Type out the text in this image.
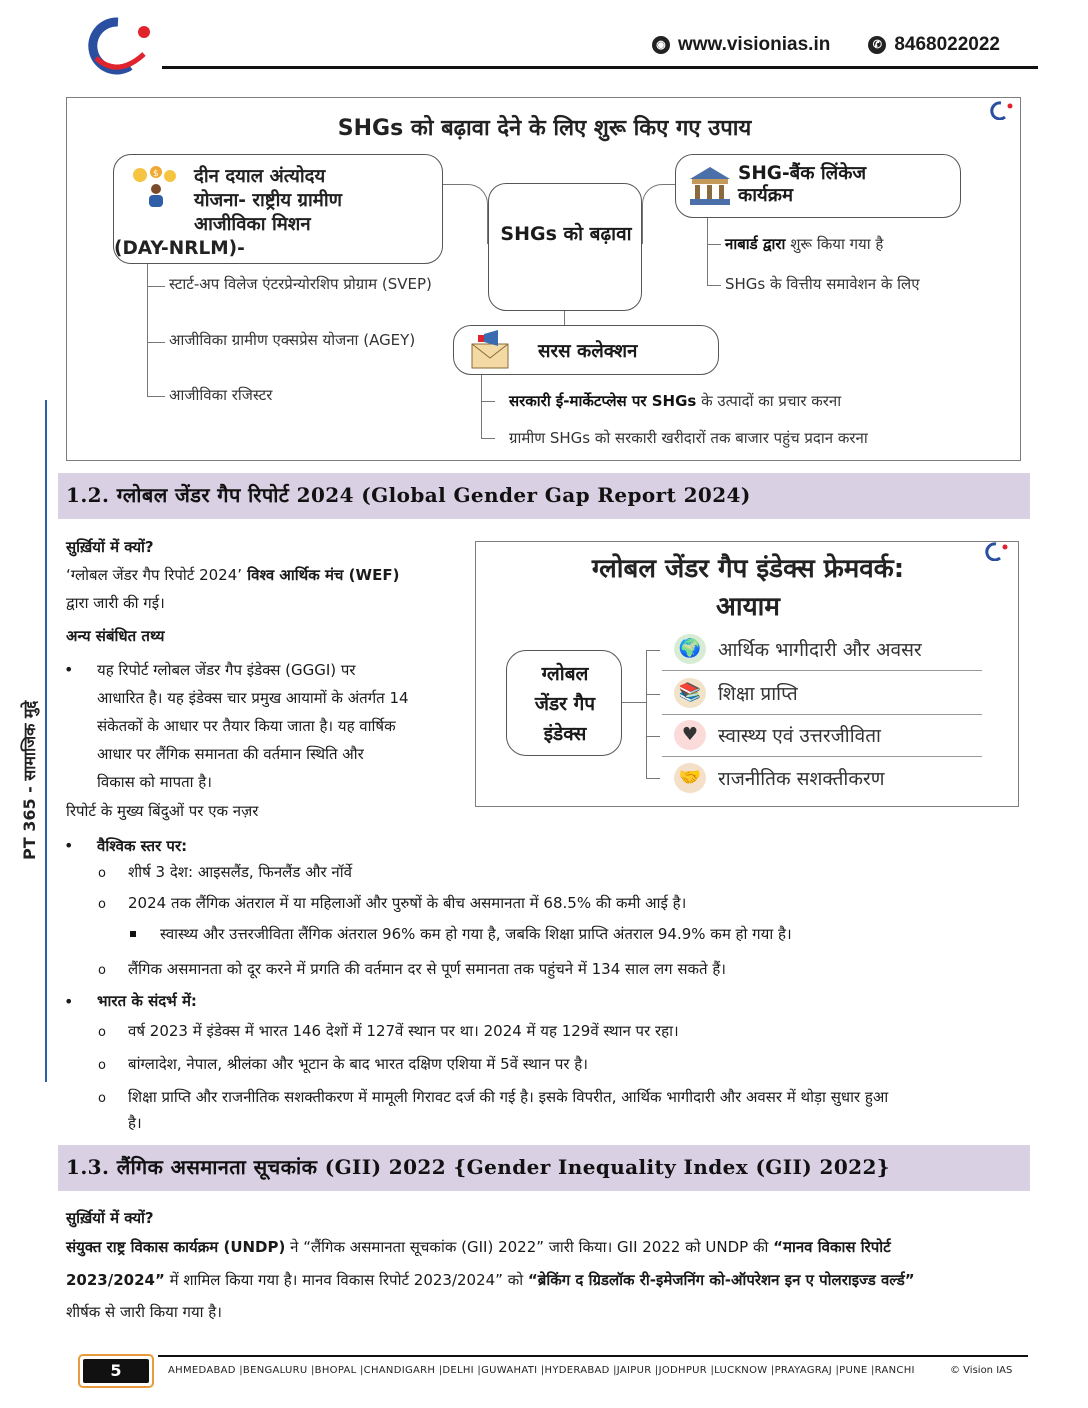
◉ www.visionias.in	✆ 8468022022
PT 365 - सामाजिक मुद्दे
SHGs को बढ़ावा देने के लिए शुरू किए गए उपाय
$ दीन दयाल अंत्योदय
योजना- राष्ट्रीय ग्रामीण
आजीविका मिशन
(DAY-NRLM)-
स्टार्ट-अप विलेज एंटरप्रेन्योरशिप प्रोग्राम (SVEP)
आजीविका ग्रामीण एक्सप्रेस योजना (AGEY)
आजीविका रजिस्टर
SHGs को बढ़ावा
SHG-बैंक लिंकेज
कार्यक्रम
नाबार्ड द्वारा शुरू किया गया है
SHGs के वित्तीय समावेशन के लिए
सरस कलेक्शन
सरकारी ई-मार्केटप्लेस पर SHGs के उत्पादों का प्रचार करना
ग्रामीण SHGs को सरकारी खरीदारों तक बाजार पहुंच प्रदान करना
1.2. ग्लोबल जेंडर गैप रिपोर्ट 2024 (Global Gender Gap Report 2024)
सुर्ख़ियों में क्यों?
‘ग्लोबल जेंडर गैप रिपोर्ट 2024’ विश्व आर्थिक मंच (WEF)
द्वारा जारी की गई।
अन्य संबंधित तथ्य
• यह रिपोर्ट ग्लोबल जेंडर गैप इंडेक्स (GGGI) पर
आधारित है। यह इंडेक्स चार प्रमुख आयामों के अंतर्गत 14
संकेतकों के आधार पर तैयार किया जाता है। यह वार्षिक
आधार पर लैंगिक समानता की वर्तमान स्थिति और
विकास को मापता है।
रिपोर्ट के मुख्य बिंदुओं पर एक नज़र
• वैश्विक स्तर पर:
o शीर्ष 3 देश: आइसलैंड, फिनलैंड और नॉर्वे
o 2024 तक लैंगिक अंतराल में या महिलाओं और पुरुषों के बीच असमानता में 68.5% की कमी आई है।
स्वास्थ्य और उत्तरजीविता लैंगिक अंतराल 96% कम हो गया है, जबकि शिक्षा प्राप्ति अंतराल 94.9% कम हो गया है।
o लैंगिक असमानता को दूर करने में प्रगति की वर्तमान दर से पूर्ण समानता तक पहुंचने में 134 साल लग सकते हैं।
• भारत के संदर्भ में:
o वर्ष 2023 में इंडेक्स में भारत 146 देशों में 127वें स्थान पर था। 2024 में यह 129वें स्थान पर रहा।
o बांग्लादेश, नेपाल, श्रीलंका और भूटान के बाद भारत दक्षिण एशिया में 5वें स्थान पर है।
o शिक्षा प्राप्ति और राजनीतिक सशक्तीकरण में मामूली गिरावट दर्ज की गई है। इसके विपरीत, आर्थिक भागीदारी और अवसर में थोड़ा सुधार हुआ
है।
ग्लोबल जेंडर गैप इंडेक्स फ्रेमवर्क:
आयाम
ग्लोबल
जेंडर गैप
इंडेक्स
🌍 आर्थिक भागीदारी और अवसर
📚 शिक्षा प्राप्ति
♥	स्वास्थ्य एवं उत्तरजीविता
🤝 राजनीतिक सशक्तीकरण
1.3. लैंगिक असमानता सूचकांक (GII) 2022 {Gender Inequality Index (GII) 2022}
सुर्ख़ियों में क्यों?
संयुक्त राष्ट्र विकास कार्यक्रम (UNDP) ने “लैंगिक असमानता सूचकांक (GII) 2022” जारी किया। GII 2022 को UNDP की “मानव विकास रिपोर्ट
2023/2024” में शामिल किया गया है। मानव विकास रिपोर्ट 2023/2024” को “ब्रेकिंग द ग्रिडलॉक री-इमेजनिंग को-ऑपरेशन इन ए पोलराइज्ड वर्ल्ड”
शीर्षक से जारी किया गया है।
5	AHMEDABAD |BENGALURU |BHOPAL |CHANDIGARH |DELHI |GUWAHATI |HYDERABAD |JAIPUR |JODHPUR |LUCKNOW |PRAYAGRAJ |PUNE |RANCHI	© Vision IAS
